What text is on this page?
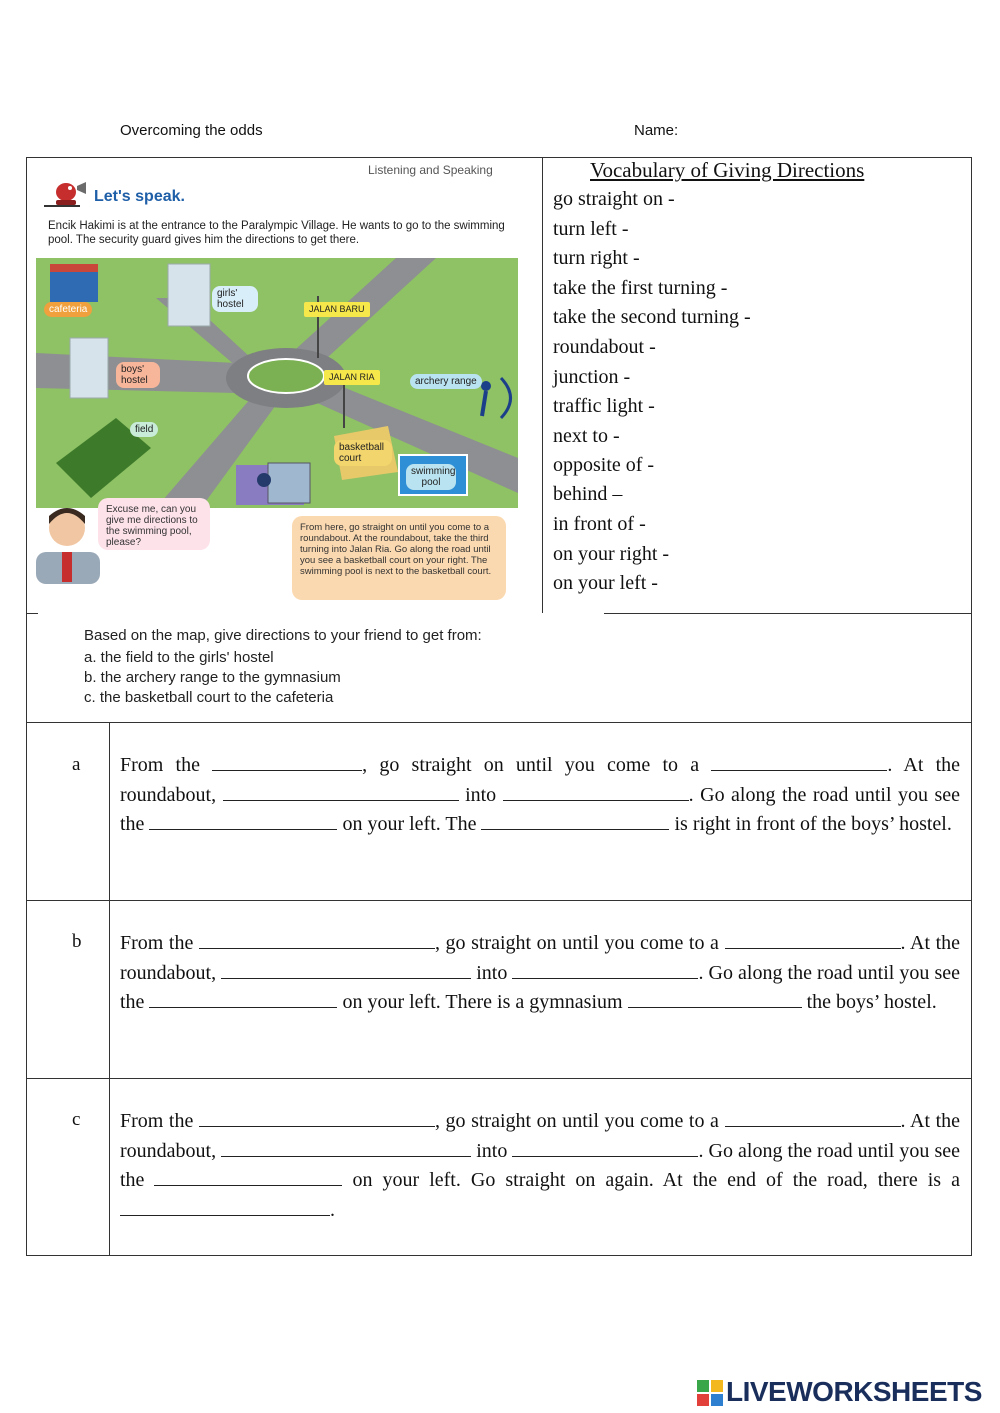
Overcoming the odds	Name:
Listening and Speaking
Let's speak.
Encik Hakimi is at the entrance to the Paralympic Village. He wants to go to the swimming pool. The security guard gives him the directions to get there.
cafeteria
girls' hostel
boys' hostel
field
JALAN BARU
JALAN RIA	archery range
basketball court
swimming pool
Excuse me, can you give me directions to the swimming pool, please?
From here, go straight on until you come to a roundabout. At the roundabout, take the third turning into Jalan Ria. Go along the road until you see a basketball court on your right. The swimming pool is next to the basketball court.
Vocabulary of Giving Directions
go straight on -
turn left -
turn right -
take the first turning -
take the second turning -
roundabout -
junction -
traffic light -
next to -
opposite of -
behind –
in front of -
on your right -
on your left -
Based on the map, give directions to your friend to get from:
a. the field to the girls' hostel
b. the archery range to the gymnasium
c. the basketball court to the cafeteria
a From the	, go straight on until you come to a	. At the roundabout,	into	. Go along the road until you see the	on your left. The	is right in front of the boys’ hostel.
b From the	, go straight on until you come to a	. At the roundabout,	into	. Go along the road until you see the	on your left. There is a gymnasium	the boys’ hostel.
c From the	, go straight on until you come to a	. At the roundabout,	into	. Go along the road until you see the	on your left. Go straight on again. At the end of the road, there is a .
LIVEWORKSHEETS
